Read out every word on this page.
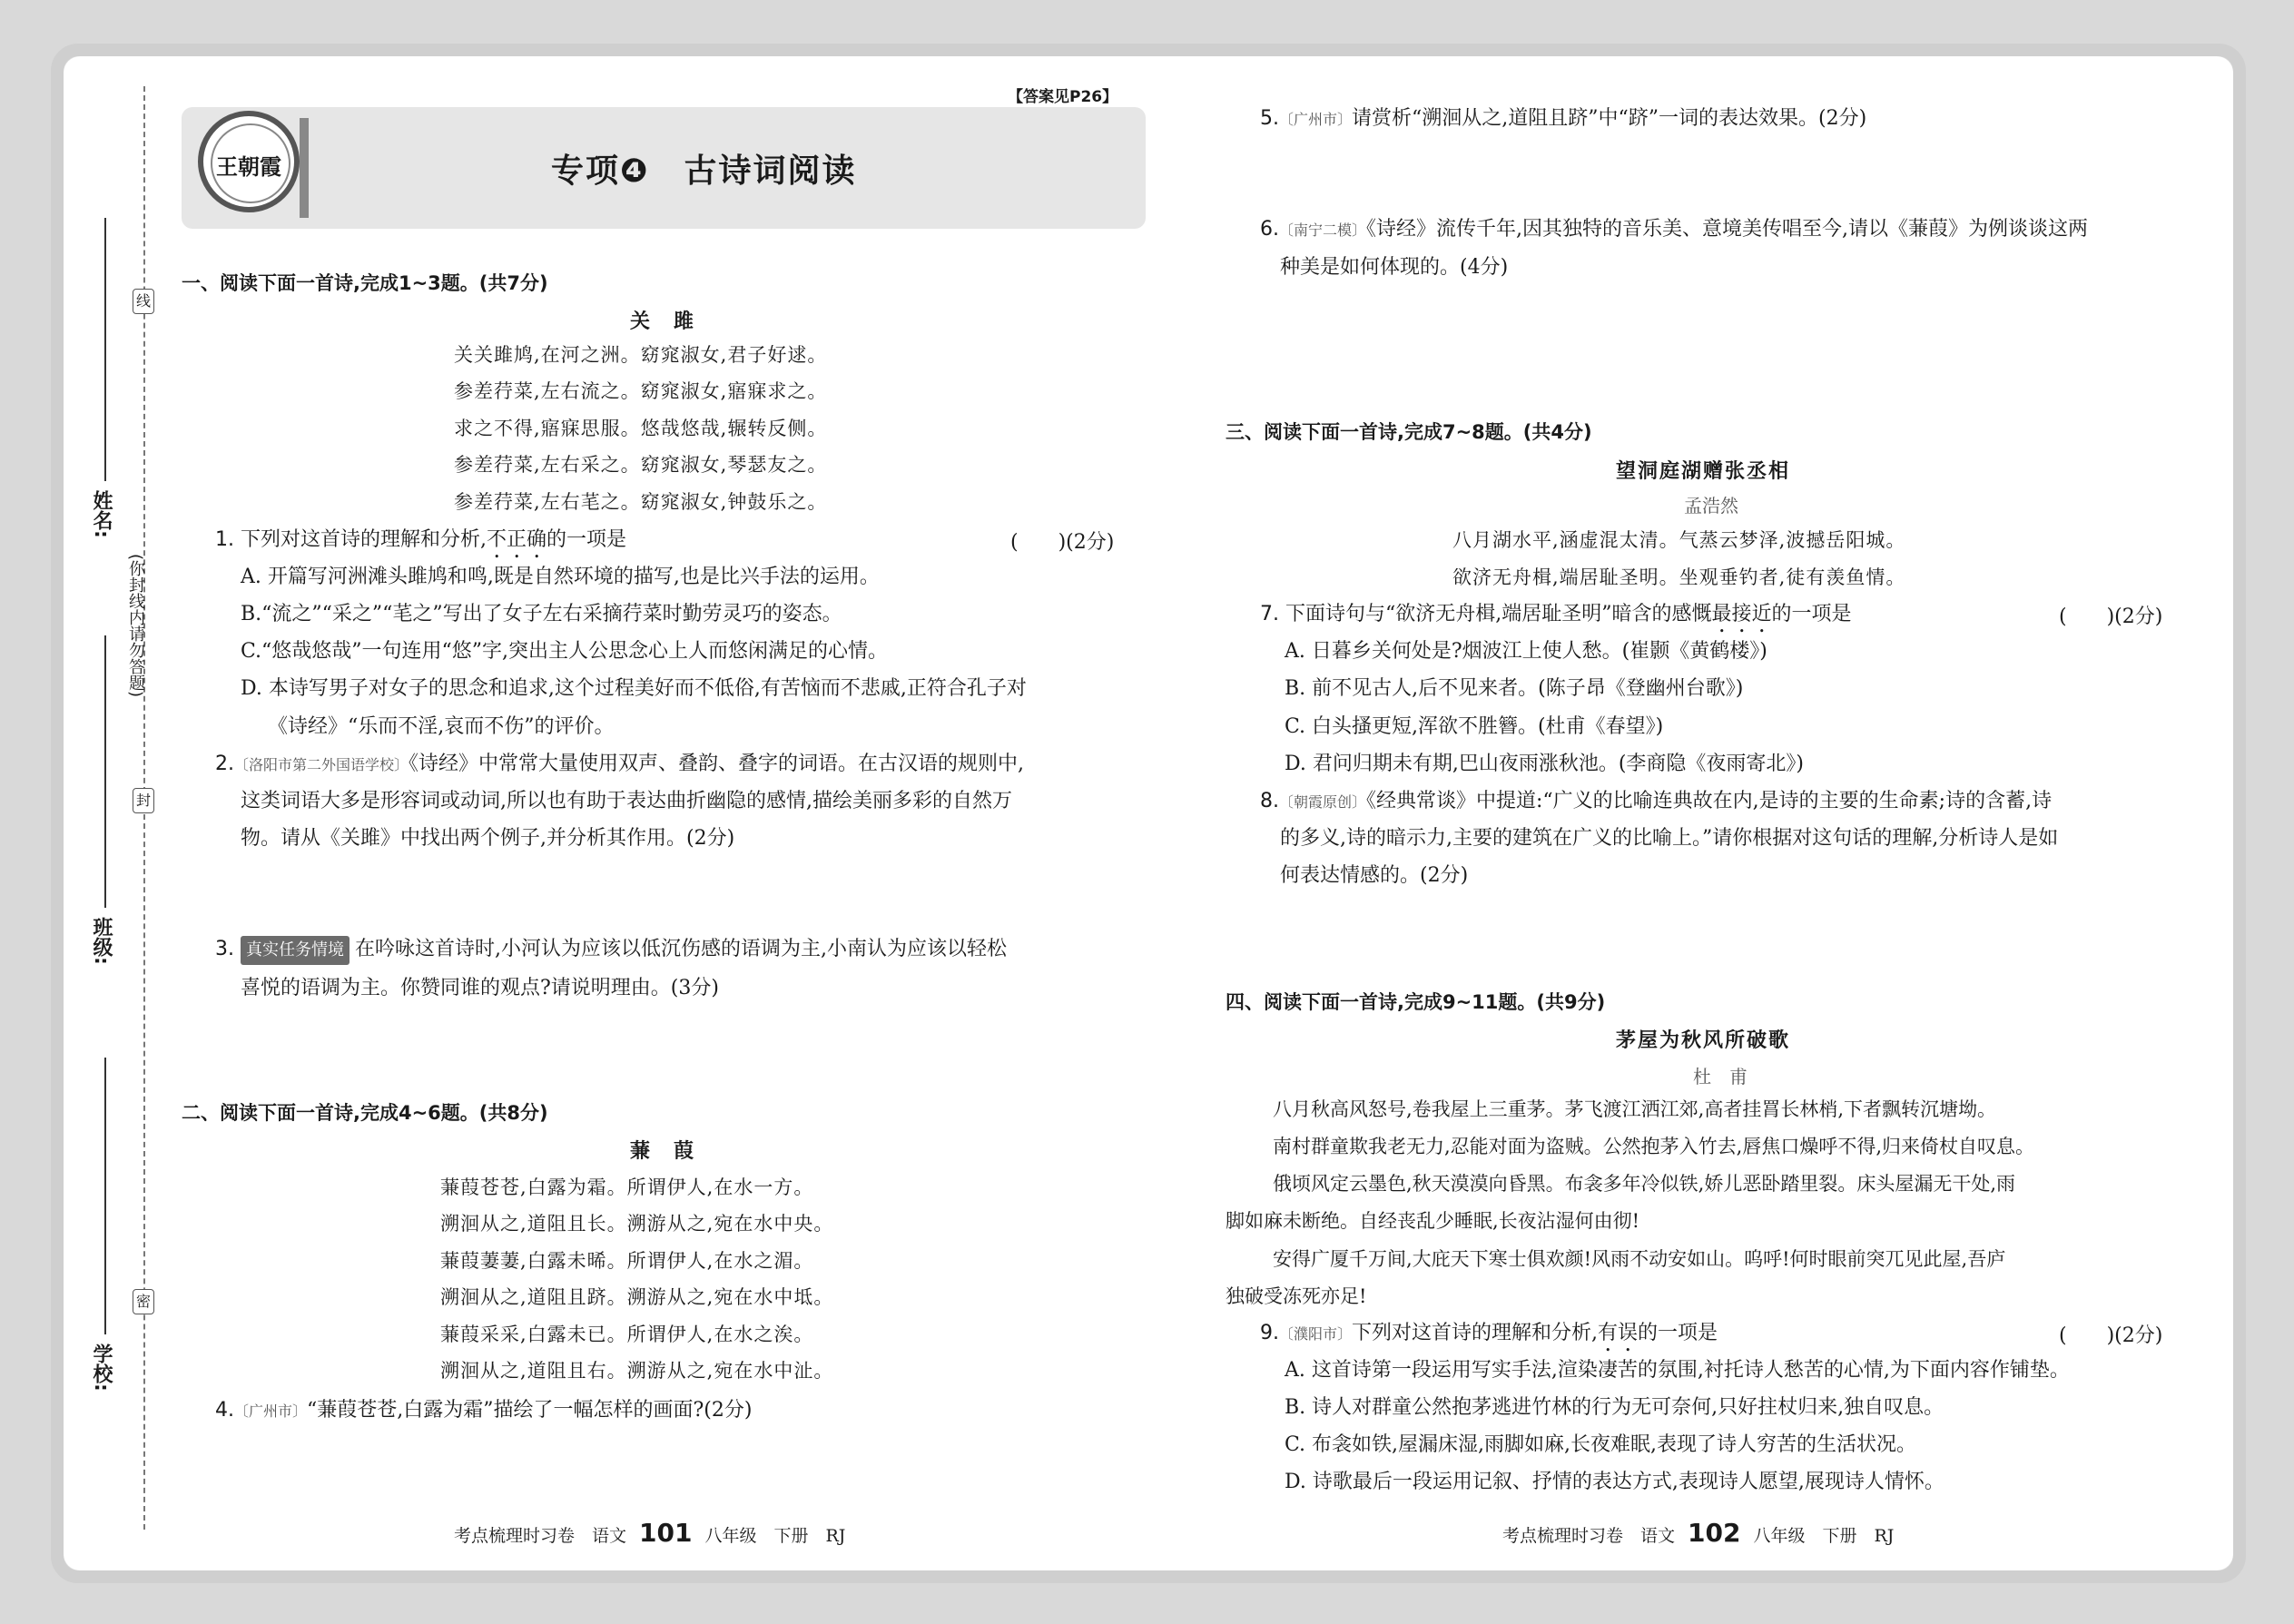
线
封
密
(你封线内请勿答题)
姓名:
班级:
学校:
【答案见P26】
王朝霞	专项❹　古诗词阅读
一、阅读下面一首诗,完成1~3题。(共7分)
关　雎
关关雎鸠,在河之洲。窈窕淑女,君子好逑。
参差荇菜,左右流之。窈窕淑女,寤寐求之。
求之不得,寤寐思服。悠哉悠哉,辗转反侧。
参差荇菜,左右采之。窈窕淑女,琴瑟友之。
参差荇菜,左右芼之。窈窕淑女,钟鼓乐之。
1. 下列对这首诗的理解和分析,不正确的一项是	(　　)(2分)
A. 开篇写河洲滩头雎鸠和鸣,既是自然环境的描写,也是比兴手法的运用。
B.“流之”“采之”“芼之”写出了女子左右采摘荇菜时勤劳灵巧的姿态。
C.“悠哉悠哉”一句连用“悠”字,突出主人公思念心上人而悠闲满足的心情。
D. 本诗写男子对女子的思念和追求,这个过程美好而不低俗,有苦恼而不悲戚,正符合孔子对
《诗经》“乐而不淫,哀而不伤”的评价。
2.〔洛阳市第二外国语学校〕《诗经》中常常大量使用双声、叠韵、叠字的词语。在古汉语的规则中,
这类词语大多是形容词或动词,所以也有助于表达曲折幽隐的感情,描绘美丽多彩的自然万
物。请从《关雎》中找出两个例子,并分析其作用。(2分)
3. 真实任务情境 在吟咏这首诗时,小河认为应该以低沉伤感的语调为主,小南认为应该以轻松
喜悦的语调为主。你赞同谁的观点?请说明理由。(3分)
二、阅读下面一首诗,完成4~6题。(共8分)
蒹　葭
蒹葭苍苍,白露为霜。所谓伊人,在水一方。
溯洄从之,道阻且长。溯游从之,宛在水中央。
蒹葭萋萋,白露未晞。所谓伊人,在水之湄。
溯洄从之,道阻且跻。溯游从之,宛在水中坻。
蒹葭采采,白露未已。所谓伊人,在水之涘。
溯洄从之,道阻且右。溯游从之,宛在水中沚。
4.〔广州市〕“蒹葭苍苍,白露为霜”描绘了一幅怎样的画面?(2分)
考点梳理时习卷　语文 101 八年级　下册　RJ
5.〔广州市〕请赏析“溯洄从之,道阻且跻”中“跻”一词的表达效果。(2分)
6.〔南宁二模〕《诗经》流传千年,因其独特的音乐美、意境美传唱至今,请以《蒹葭》为例谈谈这两
种美是如何体现的。(4分)
三、阅读下面一首诗,完成7~8题。(共4分)
望洞庭湖赠张丞相
孟浩然
八月湖水平,涵虚混太清。气蒸云梦泽,波撼岳阳城。
欲济无舟楫,端居耻圣明。坐观垂钓者,徒有羡鱼情。
7. 下面诗句与“欲济无舟楫,端居耻圣明”暗含的感慨最接近的一项是	(　　)(2分)
A. 日暮乡关何处是?烟波江上使人愁。(崔颢《黄鹤楼》)
B. 前不见古人,后不见来者。(陈子昂《登幽州台歌》)
C. 白头搔更短,浑欲不胜簪。(杜甫《春望》)
D. 君问归期未有期,巴山夜雨涨秋池。(李商隐《夜雨寄北》)
8.〔朝霞原创〕《经典常谈》中提道:“广义的比喻连典故在内,是诗的主要的生命素;诗的含蓄,诗
的多义,诗的暗示力,主要的建筑在广义的比喻上。”请你根据对这句话的理解,分析诗人是如
何表达情感的。(2分)
四、阅读下面一首诗,完成9~11题。(共9分)
茅屋为秋风所破歌
杜　甫
八月秋高风怒号,卷我屋上三重茅。茅飞渡江洒江郊,高者挂罥长林梢,下者飘转沉塘坳。
南村群童欺我老无力,忍能对面为盗贼。公然抱茅入竹去,唇焦口燥呼不得,归来倚杖自叹息。
俄顷风定云墨色,秋天漠漠向昏黑。布衾多年冷似铁,娇儿恶卧踏里裂。床头屋漏无干处,雨
脚如麻未断绝。自经丧乱少睡眠,长夜沾湿何由彻!
安得广厦千万间,大庇天下寒士俱欢颜!风雨不动安如山。呜呼!何时眼前突兀见此屋,吾庐
独破受冻死亦足!
9.〔濮阳市〕下列对这首诗的理解和分析,有误的一项是	(　　)(2分)
A. 这首诗第一段运用写实手法,渲染凄苦的氛围,衬托诗人愁苦的心情,为下面内容作铺垫。
B. 诗人对群童公然抱茅逃进竹林的行为无可奈何,只好拄杖归来,独自叹息。
C. 布衾如铁,屋漏床湿,雨脚如麻,长夜难眠,表现了诗人穷苦的生活状况。
D. 诗歌最后一段运用记叙、抒情的表达方式,表现诗人愿望,展现诗人情怀。
考点梳理时习卷　语文 102 八年级　下册　RJ
